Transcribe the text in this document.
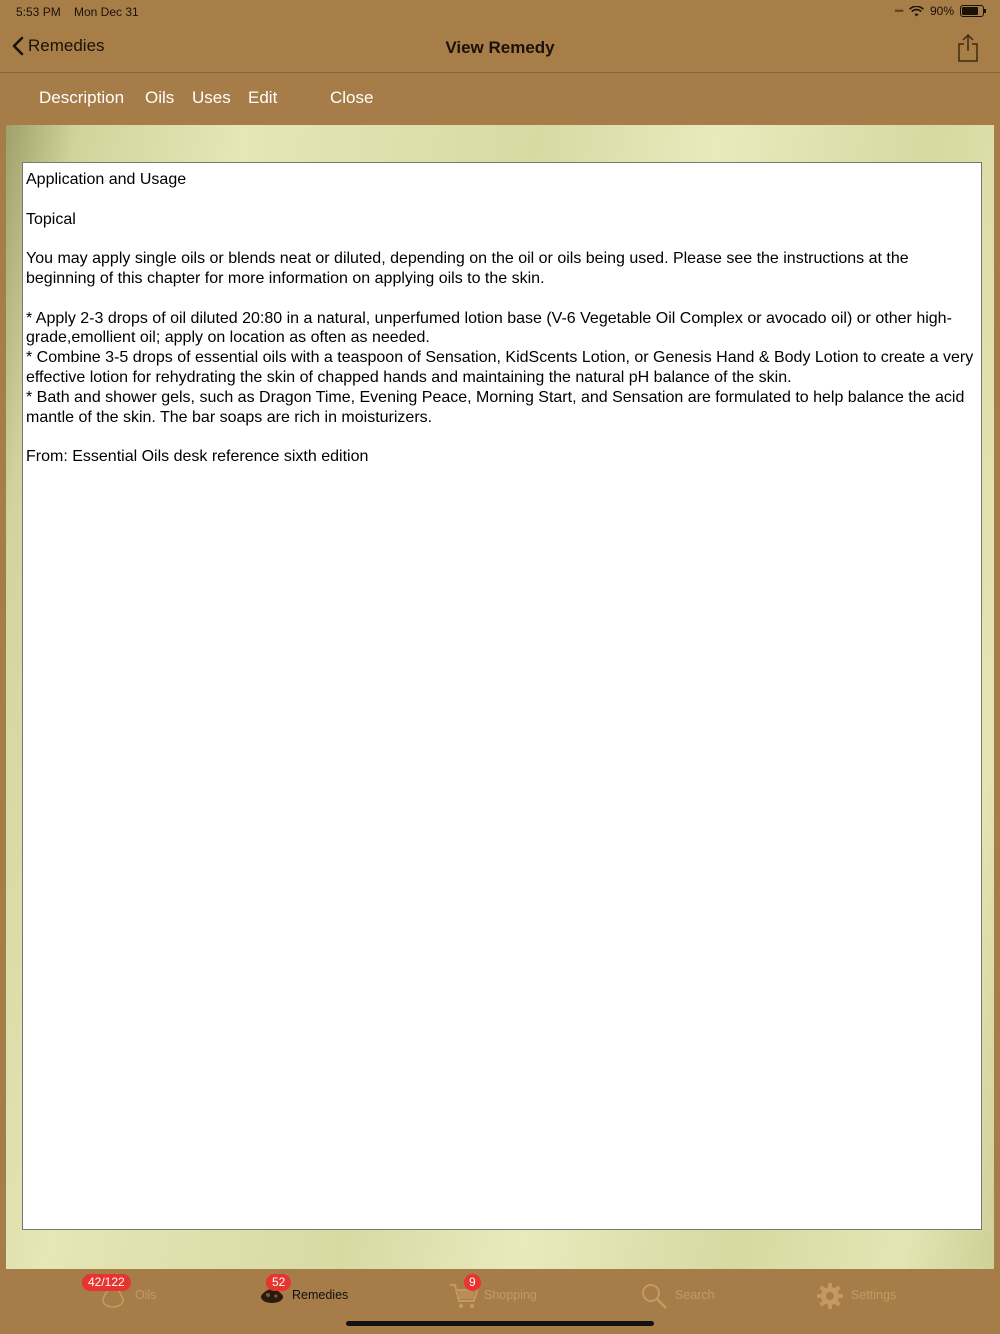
5:53 PM Mon Dec 31	•••• 90%
Remedies	View Remedy
Description Oils Uses Edit	Close

Application and Usage

Topical

You may apply single oils or blends neat or diluted, depending on the oil or oils being used. Please see the instructions at the beginning of this chapter for more information on applying oils to the skin.

* Apply 2-3 drops of oil diluted 20:80 in a natural, unperfumed lotion base (V-6 Vegetable Oil Complex or avocado oil) or other high-grade,emollient oil; apply on location as often as needed.

* Combine 3-5 drops of essential oils with a teaspoon of Sensation, KidScents Lotion, or Genesis Hand & Body Lotion to create a very effective lotion for rehydrating the skin of chapped hands and maintaining the natural pH balance of the skin.

* Bath and shower gels, such as Dragon Time, Evening Peace, Morning Start, and Sensation are formulated to help balance the acid mantle of the skin. The bar soaps are rich in moisturizers.

From: Essential Oils desk reference sixth edition

Oils
42/122
Remedies
52
Shopping
9
Search	Settings
